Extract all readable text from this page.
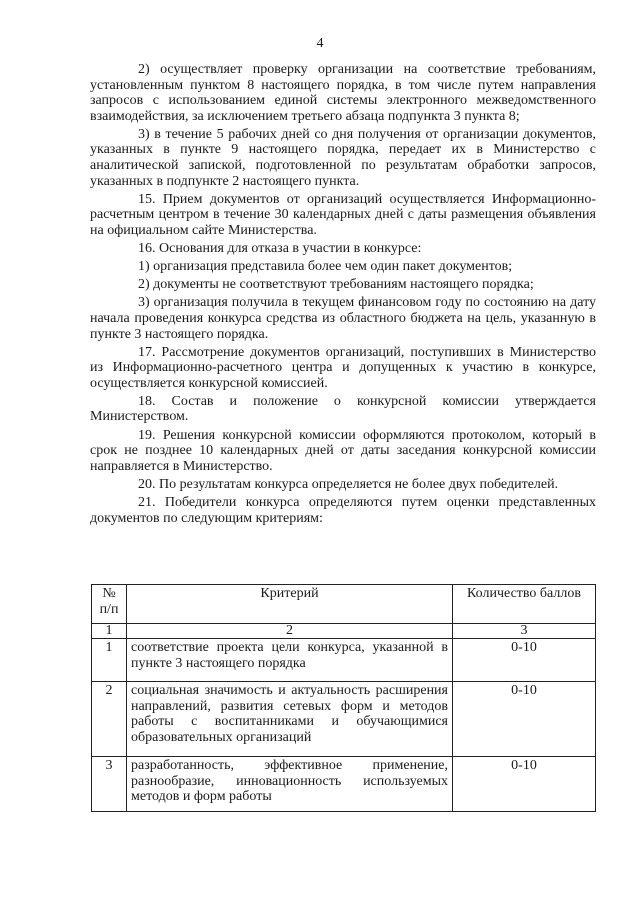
4

2) осуществляет проверку организации на соответствие требованиям, установленным пунктом 8 настоящего порядка, в том числе путем направления запросов с использованием единой системы электронного межведомственного взаимодействия, за исключением третьего абзаца подпункта 3 пункта 8;

3) в течение 5 рабочих дней со дня получения от организации документов, указанных в пункте 9 настоящего порядка, передает их в Министерство с аналитической запиской, подготовленной по результатам обработки запросов, указанных в подпункте 2 настоящего пункта.

15. Прием документов от организаций осуществляется Информационно-расчетным центром в течение 30 календарных дней с даты размещения объявления на официальном сайте Министерства.

16. Основания для отказа в участии в конкурсе:

1) организация представила более чем один пакет документов;

2) документы не соответствуют требованиям настоящего порядка;

3) организация получила в текущем финансовом году по состоянию на дату начала проведения конкурса средства из областного бюджета на цель, указанную в пункте 3 настоящего порядка.

17. Рассмотрение документов организаций, поступивших в Министерство из Информационно-расчетного центра и допущенных к участию в конкурсе, осуществляется конкурсной комиссией.

18. Состав и положение о конкурсной комиссии утверждается Министерством.

19. Решения конкурсной комиссии оформляются протоколом, который в срок не позднее 10 календарных дней от даты заседания конкурсной комиссии направляется в Министерство.

20. По результатам конкурса определяется не более двух победителей.

21. Победители конкурса определяются путем оценки представленных документов по следующим критериям:

№ п/п	Критерий	Количество баллов
1	2	3
1	соответствие проекта цели конкурса, указанной в пункте 3 настоящего порядка	0-10
2	социальная значимость и актуальность расширения направлений, развития сетевых форм и методов работы с воспитанниками и обучающимися образовательных организаций	0-10
3	разработанность, эффективное применение, разнообразие, инновационность используемых методов и форм работы	0-10
